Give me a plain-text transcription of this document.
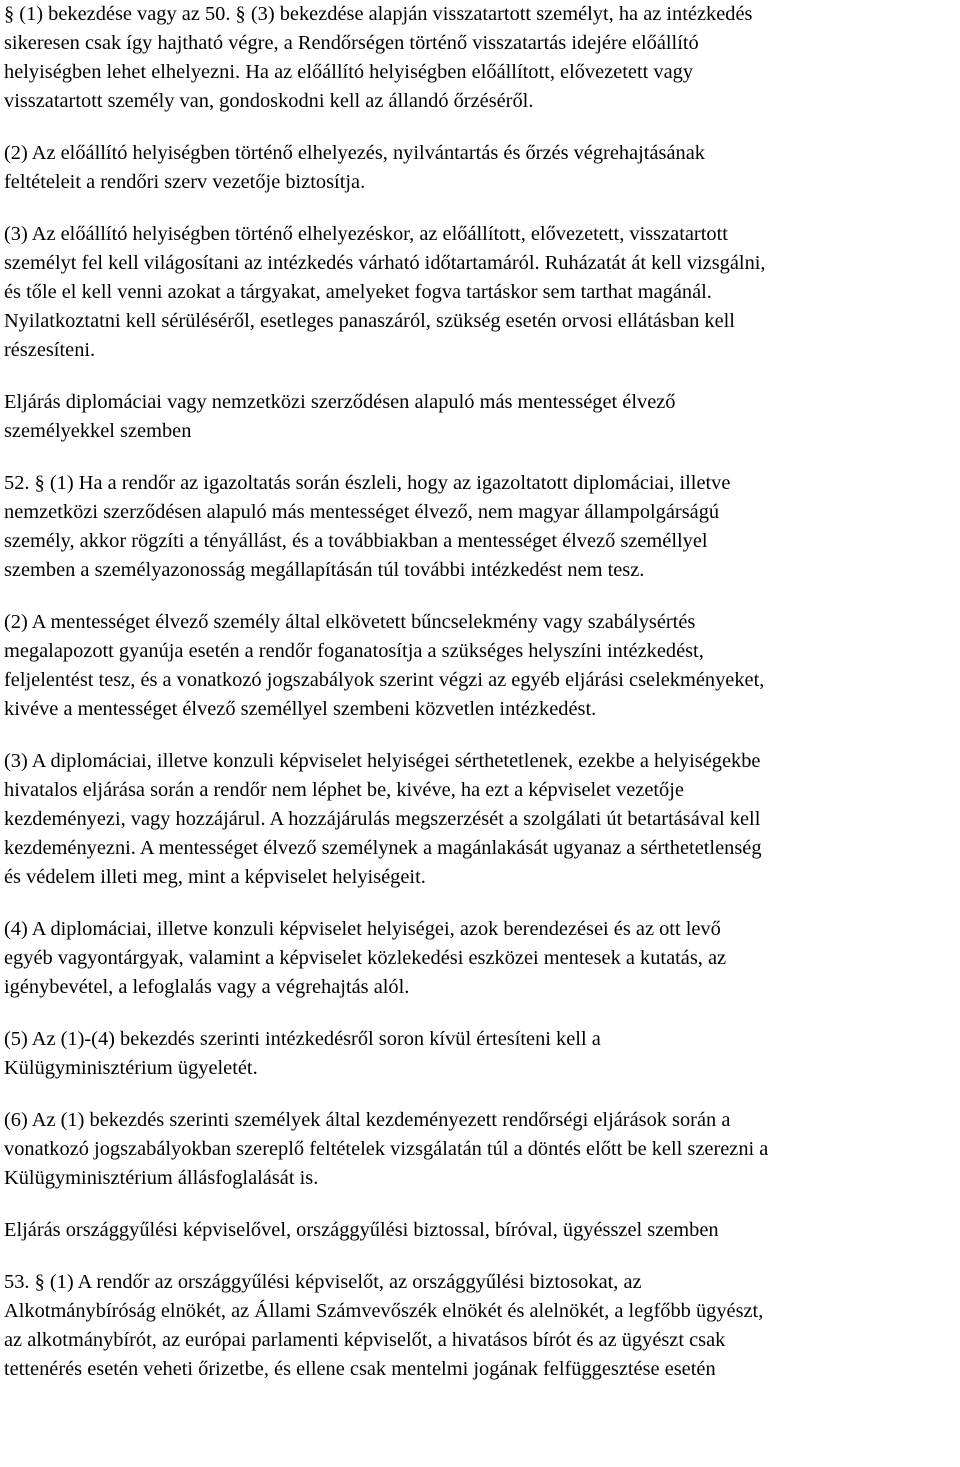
§ (1) bekezdése vagy az 50. § (3) bekezdése alapján visszatartott személyt, ha az intézkedés
sikeresen csak így hajtható végre, a Rendőrségen történő visszatartás idejére előállító
helyiségben lehet elhelyezni. Ha az előállító helyiségben előállított, elővezetett vagy
visszatartott személy van, gondoskodni kell az állandó őrzéséről.

(2) Az előállító helyiségben történő elhelyezés, nyilvántartás és őrzés végrehajtásának
feltételeit a rendőri szerv vezetője biztosítja.

(3) Az előállító helyiségben történő elhelyezéskor, az előállított, elővezetett, visszatartott
személyt fel kell világosítani az intézkedés várható időtartamáról. Ruházatát át kell vizsgálni,
és tőle el kell venni azokat a tárgyakat, amelyeket fogva tartáskor sem tarthat magánál.
Nyilatkoztatni kell sérüléséről, esetleges panaszáról, szükség esetén orvosi ellátásban kell
részesíteni.

Eljárás diplomáciai vagy nemzetközi szerződésen alapuló más mentességet élvező
személyekkel szemben

52. § (1) Ha a rendőr az igazoltatás során észleli, hogy az igazoltatott diplomáciai, illetve
nemzetközi szerződésen alapuló más mentességet élvező, nem magyar állampolgárságú
személy, akkor rögzíti a tényállást, és a továbbiakban a mentességet élvező személlyel
szemben a személyazonosság megállapításán túl további intézkedést nem tesz.

(2) A mentességet élvező személy által elkövetett bűncselekmény vagy szabálysértés
megalapozott gyanúja esetén a rendőr foganatosítja a szükséges helyszíni intézkedést,
feljelentést tesz, és a vonatkozó jogszabályok szerint végzi az egyéb eljárási cselekményeket,
kivéve a mentességet élvező személlyel szembeni közvetlen intézkedést.

(3) A diplomáciai, illetve konzuli képviselet helyiségei sérthetetlenek, ezekbe a helyiségekbe
hivatalos eljárása során a rendőr nem léphet be, kivéve, ha ezt a képviselet vezetője
kezdeményezi, vagy hozzájárul. A hozzájárulás megszerzését a szolgálati út betartásával kell
kezdeményezni. A mentességet élvező személynek a magánlakását ugyanaz a sérthetetlenség
és védelem illeti meg, mint a képviselet helyiségeit.

(4) A diplomáciai, illetve konzuli képviselet helyiségei, azok berendezései és az ott levő
egyéb vagyontárgyak, valamint a képviselet közlekedési eszközei mentesek a kutatás, az
igénybevétel, a lefoglalás vagy a végrehajtás alól.

(5) Az (1)-(4) bekezdés szerinti intézkedésről soron kívül értesíteni kell a
Külügyminisztérium ügyeletét.

(6) Az (1) bekezdés szerinti személyek által kezdeményezett rendőrségi eljárások során a
vonatkozó jogszabályokban szereplő feltételek vizsgálatán túl a döntés előtt be kell szerezni a
Külügyminisztérium állásfoglalását is.

Eljárás országgyűlési képviselővel, országgyűlési biztossal, bíróval, ügyésszel szemben

53. § (1) A rendőr az országgyűlési képviselőt, az országgyűlési biztosokat, az
Alkotmánybíróság elnökét, az Állami Számvevőszék elnökét és alelnökét, a legfőbb ügyészt,
az alkotmánybírót, az európai parlamenti képviselőt, a hivatásos bírót és az ügyészt csak
tettenérés esetén veheti őrizetbe, és ellene csak mentelmi jogának felfüggesztése esetén
